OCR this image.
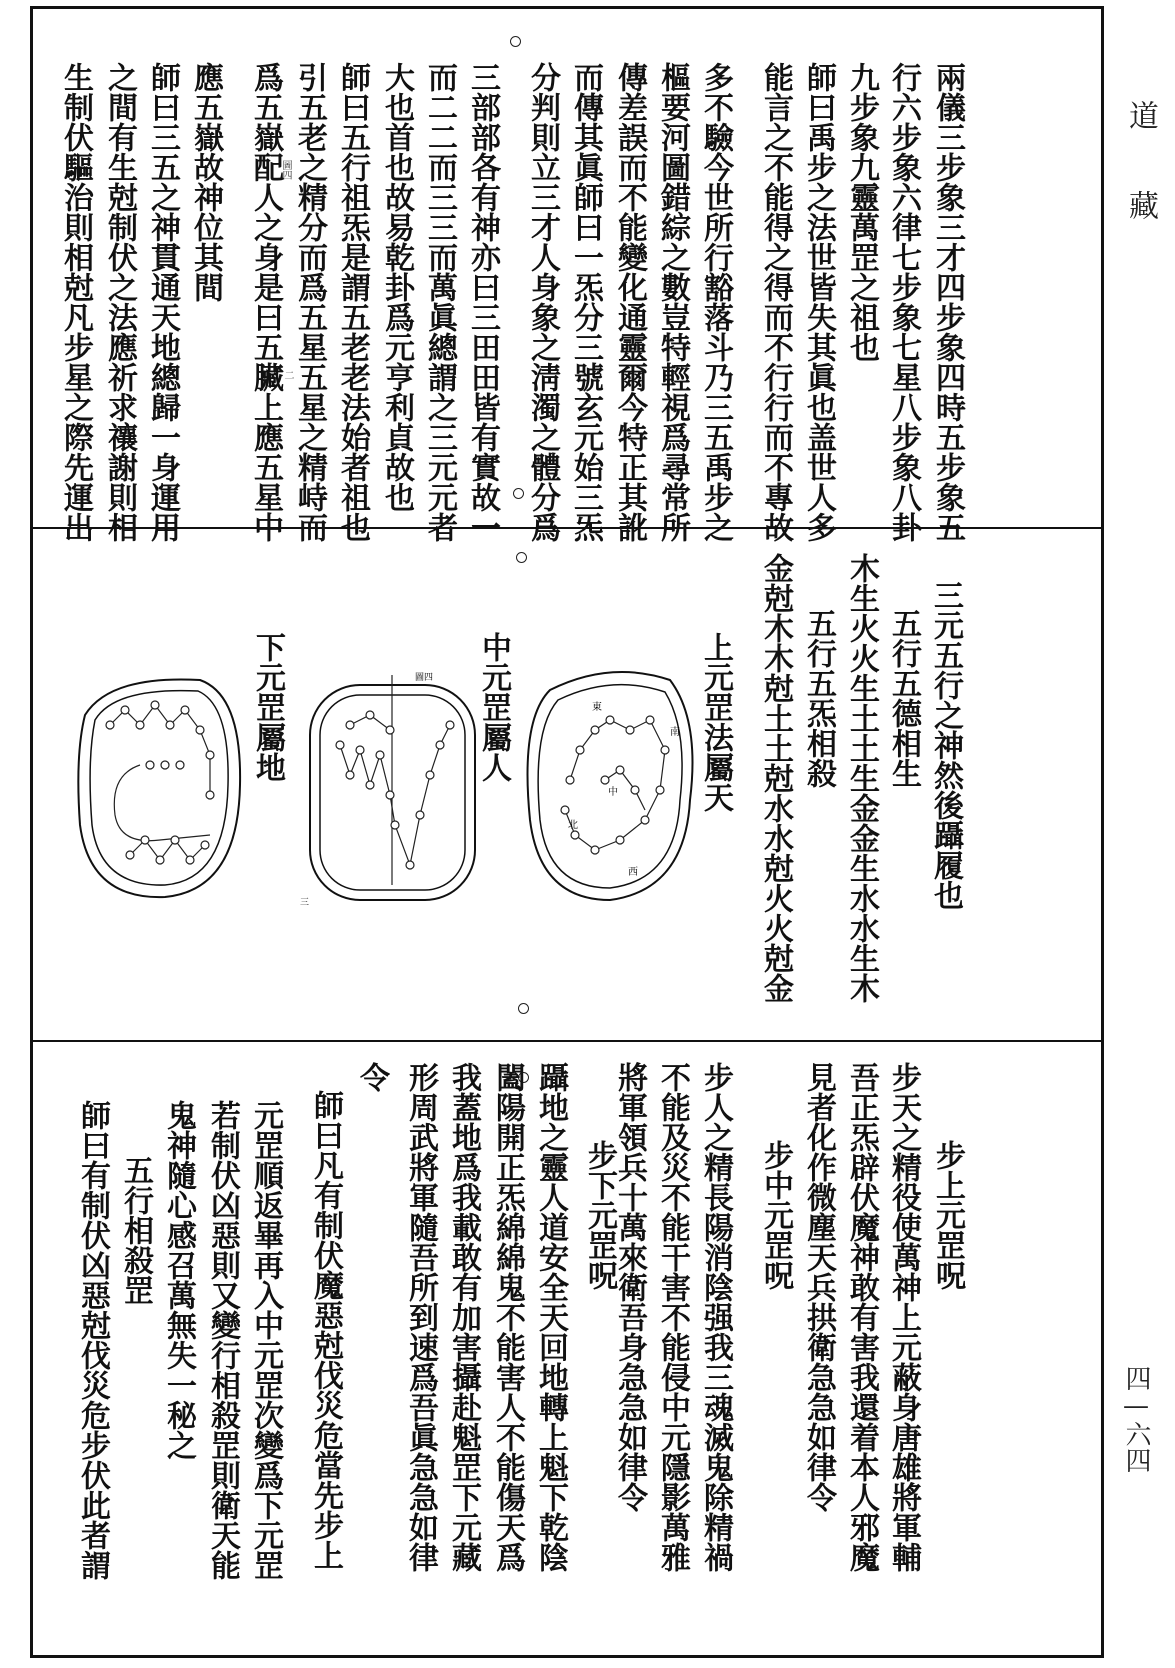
道藏
四—六四
兩儀三步象三才四步象四時五步象五
行六步象六律七步象七星八步象八卦
九步象九靈萬罡之祖也
師曰禹步之法世皆失其眞也盖世人多
能言之不能得之得而不行行而不專故
多不驗今世所行豁落斗乃三五禹步之
樞要河圖錯綜之數豈特輕視爲尋常所
傳差誤而不能變化通靈爾今特正其訛
而傳其眞師曰一炁分三號玄元始三炁
分判則立三才人身象之淸濁之體分爲
三部部各有神亦曰三田田皆有實故一
而二二而三三而萬眞總謂之三元元者
大也首也故易乾卦爲元亨利貞故也
師曰五行祖炁是謂五老老法始者祖也
引五老之精分而爲五星五星之精峙而
爲五嶽配人之身是曰五臟上應五星中
應五嶽故神位其間
師曰三五之神貫通天地總歸一身運用
之間有生尅制伏之法應祈求禳謝則相
生制伏驅治則相尅凡步星之際先運出	圖四
二
三元五行之神然後躡履也
五行五德相生
木生火火生土土生金金生水水生木
五行五炁相殺
金尅木木尅土土尅水水尅火火尅金
上元罡法屬天
中元罡屬人
下元罡屬地	東
南
中
北
西
圖四
三
步上元罡呪
步天之精役使萬神上元蔽身唐雄將軍輔
吾正炁辟伏魔神敢有害我還着本人邪魔
見者化作微塵天兵拱衛急急如律令
步中元罡呪
步人之精長陽消陰强我三魂滅鬼除精禍
不能及災不能干害不能侵中元隱影萬雅
將軍領兵十萬來衛吾身急急如律令
步下元罡呪
躡地之靈人道安全天回地轉上魁下乾陰
闔陽開正炁綿綿鬼不能害人不能傷天爲
我蓋地爲我載敢有加害攝赴魁罡下元藏
形周武將軍隨吾所到速爲吾眞急急如律
令
師曰凡有制伏魔惡尅伐災危當先步上
元罡順返畢再入中元罡次變爲下元罡
若制伏凶惡則又變行相殺罡則衛天能
鬼神隨心感召萬無失一秘之
五行相殺罡
師曰有制伏凶惡尅伐災危步伏此者謂
